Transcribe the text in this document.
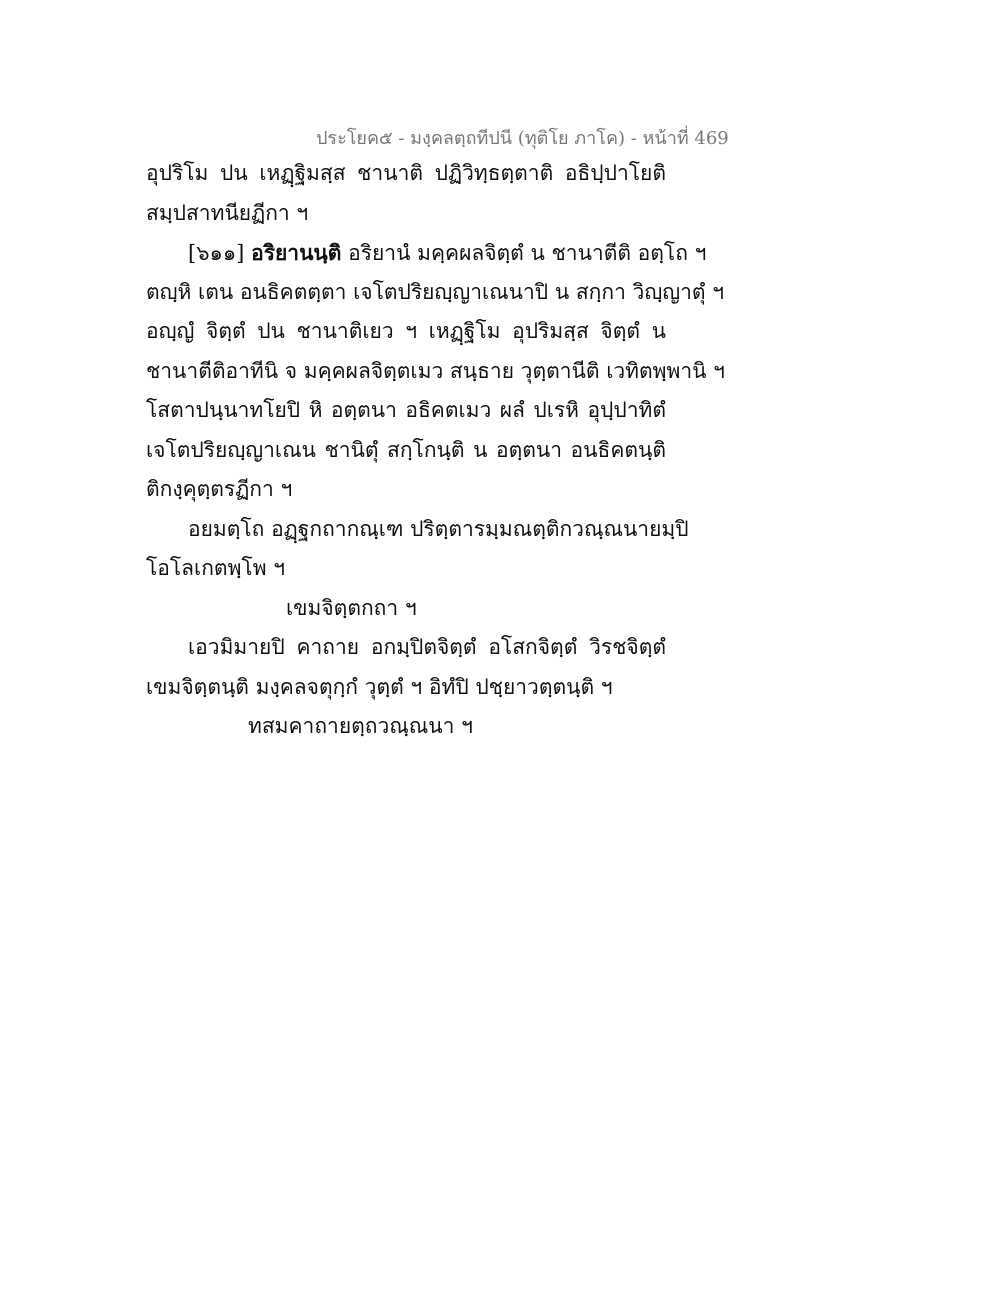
ประโยค๕ - มงฺคลตฺถทีปนี (ทุติโย ภาโค) - หน้าที่ 469
อุปริโม ปน เหฏฺฐิมสฺส ชานาติ ปฏิวิทฺธตฺตาติ อธิปฺปาโยติ
สมฺปสาทนียฏีกา ฯ
[๖๑๑] อริยานนฺติ อริยานํ มคฺคผลจิตฺตํ น ชานาตีติ อตฺโถ ฯ
ตญฺหิ เตน อนธิคตตฺตา เจโตปริยญฺญาเณนาปิ น สกฺกา วิญฺญาตุํ ฯ
อญฺญํ จิตฺตํ ปน ชานาติเยว ฯ เหฏฺฐิโม อุปริมสฺส จิตฺตํ น
ชานาตีติอาทีนิ จ มคฺคผลจิตฺตเมว สนฺธาย วุตฺตานีติ เวทิตพฺพานิ ฯ
โสตาปนฺนาทโยปิ หิ อตฺตนา อธิคตเมว ผลํ ปเรหิ อุปฺปาทิตํ
เจโตปริยญฺญาเณน ชานิตุํ สกฺโกนฺติ น อตฺตนา อนธิคตนฺติ
ติกงฺคุตฺตรฏีกา ฯ
อยมตฺโถ อฏฺฐกถากณฺเฑ ปริตฺตารมฺมณตฺติกวณฺณนายมฺปิ
โอโลเกตพฺโพ ฯ
เขมจิตฺตกถา ฯ
เอวมิมายปิ คาถาย อกมฺปิตจิตฺตํ อโสกจิตฺตํ วิรชจิตฺตํ
เขมจิตฺตนฺติ มงฺคลจตุกฺกํ วุตฺตํ ฯ อิทํปิ ปชฺยาวตฺตนฺติ ฯ
ทสมคาถายตฺถวณฺณนา ฯ
